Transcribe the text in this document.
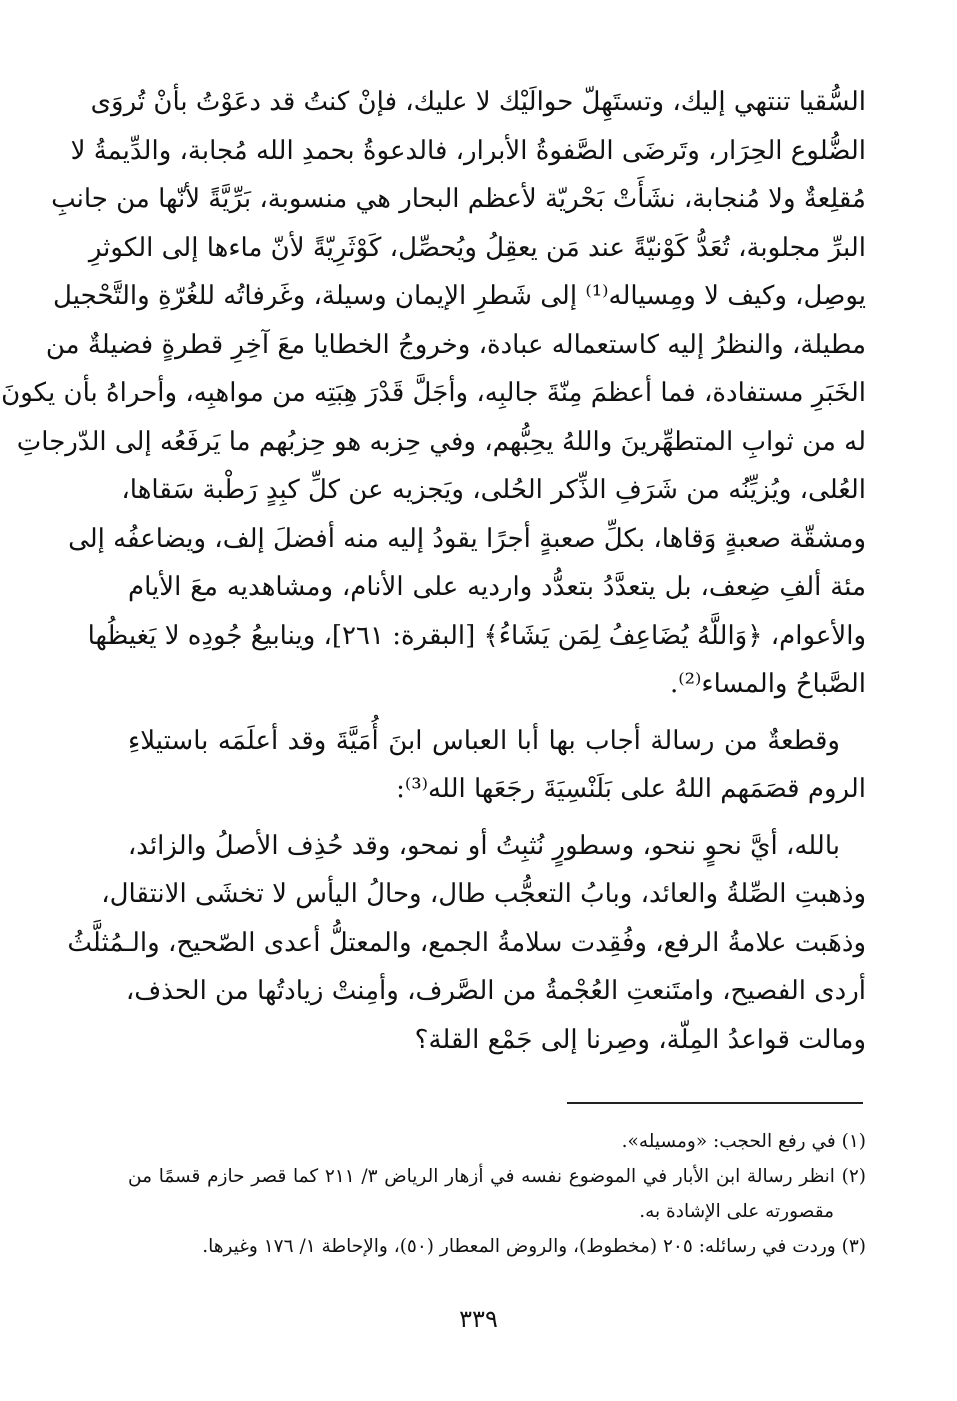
السُّقيا تنتهي إليك، وتستَهِلّ حوالَيْك لا عليك، فإنْ كنتُ قد دعَوْتُ بأنْ تُروَى
الضُّلوع الحِرَار، وتَرضَى الصَّفوةُ الأبرار، فالدعوةُ بحمدِ الله مُجابة، والدِّيمةُ لا
مُقلِعةٌ ولا مُنجابة، نشَأَتْ بَحْريّة لأعظم البحار هي منسوبة، بَرِّيَّةً لأنّها من جانبِ
البرِّ مجلوبة، تُعَدُّ كَوْنيّةً عند مَن يعقِلُ ويُحصِّل، كَوْثَرِيّةً لأنّ ماءها إلى الكوثرِ
يوصِل، وكيف لا ومِسياله⁽¹⁾ إلى شَطرِ الإيمان وسيلة، وغَرفاتُه للغُرّةِ والتَّحْجيل
مطيلة، والنظرُ إليه كاستعماله عبادة، وخروجُ الخطايا معَ آخِرِ قطرةٍ فضيلةٌ من
الخَبَرِ مستفادة، فما أعظمَ مِنّةَ جالبِه، وأجَلَّ قَدْرَ هِبَتِه من مواهبِه، وأحراهُ بأن يكونَ
له من ثوابِ المتطهِّرينَ واللهُ يحِبُّهم، وفي حِزبه هو حِزبُهم ما يَرفَعُه إلى الدّرجاتِ
العُلى، ويُزيِّنُه من شَرَفِ الذِّكر الحُلى، ويَجزيه عن كلِّ كبِدٍ رَطْبة سَقاها،
ومشقّة صعبةٍ وَقاها، بكلِّ صعبةٍ أجرًا يقودُ إليه منه أفضلَ إلف، ويضاعفُه إلى
مئة ألفِ ضِعف، بل يتعدَّدُ بتعدُّد وارديه على الأنام، ومشاهديه معَ الأيام
والأعوام، ﴿وَاللَّهُ يُضَاعِفُ لِمَن يَشَاءُ﴾ [البقرة: ٢٦١]، وينابيعُ جُودِه لا يَغيظُها
الصَّباحُ والمساء⁽²⁾.
وقطعةٌ من رسالة أجاب بها أبا العباس ابنَ أُمَيَّةَ وقد أعلَمَه باستيلاءِ
الروم قصَمَهم اللهُ على بَلَنْسِيَةَ رجَعَها الله⁽³⁾:
بالله، أيَّ نحوٍ ننحو، وسطورٍ نُثبِتُ أو نمحو، وقد حُذِف الأصلُ والزائد،
وذهبتِ الصِّلةُ والعائد، وبابُ التعجُّب طال، وحالُ اليأس لا تخشَى الانتقال،
وذهَبت علامةُ الرفع، وفُقِدت سلامةُ الجمع، والمعتلُّ أعدى الصّحيح، والـمُثلَّثُ
أردى الفصيح، وامتَنعتِ العُجْمةُ من الصَّرف، وأمِنتْ زيادتُها من الحذف،
ومالت قواعدُ المِلّة، وصِرنا إلى جَمْع القلة؟
(١) في رفع الحجب: «ومسيله».
(٢) انظر رسالة ابن الأبار في الموضوع نفسه في أزهار الرياض ٣/ ٢١١ كما قصر حازم قسمًا من
مقصورته على الإشادة به.
(٣) وردت في رسائله: ٢٠٥ (مخطوط)، والروض المعطار (٥٠)، والإحاطة ١/ ١٧٦ وغيرها.
٣٣٩
